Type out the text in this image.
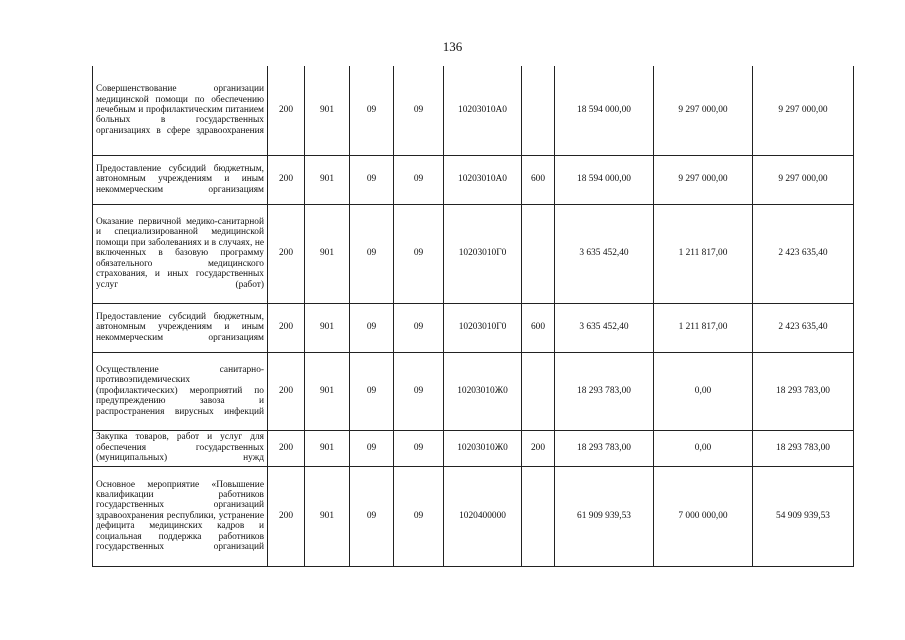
136
Совершенствование организации медицинской помощи по обеспечению лечебным и профилактическим питанием больных в государственных организациях в сфере здравоохранения	200	901	09	09	10203010А0		18 594 000,00	9 297 000,00	9 297 000,00
Предоставление субсидий бюджетным, автономным учреждениям и иным некоммерческим организациям	200	901	09	09	10203010А0	600	18 594 000,00	9 297 000,00	9 297 000,00
Оказание первичной медико-санитарной и специализированной медицинской помощи при заболеваниях и в случаях, не включенных в базовую программу обязательного медицинского страхования, и иных государственных услуг (работ)	200	901	09	09	10203010Г0		3 635 452,40	1 211 817,00	2 423 635,40
Предоставление субсидий бюджетным, автономным учреждениям и иным некоммерческим организациям	200	901	09	09	10203010Г0	600	3 635 452,40	1 211 817,00	2 423 635,40
Осуществление санитарно-противоэпидемических (профилактических) мероприятий по предупреждению завоза и распространения вирусных инфекций	200	901	09	09	10203010Ж0		18 293 783,00	0,00	18 293 783,00
Закупка товаров, работ и услуг для обеспечения государственных (муниципальных) нужд	200	901	09	09	10203010Ж0	200	18 293 783,00	0,00	18 293 783,00
Основное мероприятие «Повышение квалификации работников государственных организаций здравоохранения республики, устранение дефицита медицинских кадров и социальная поддержка работников государственных организаций	200	901	09	09	1020400000		61 909 939,53	7 000 000,00	54 909 939,53
